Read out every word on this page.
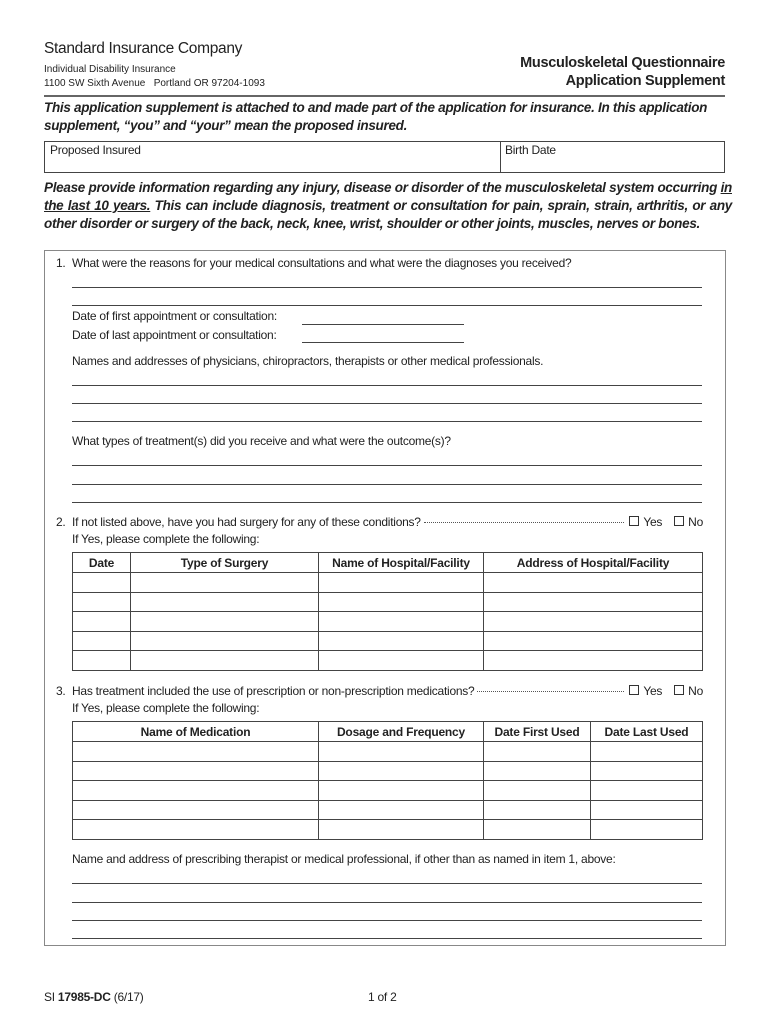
Standard Insurance Company
Individual Disability Insurance
1100 SW Sixth Avenue   Portland OR 97204-1093
Musculoskeletal Questionnaire
Application Supplement
This application supplement is attached to and made part of the application for insurance. In this application supplement, “you” and “your” mean the proposed insured.
Proposed Insured	Birth Date
Please provide information regarding any injury, disease or disorder of the musculoskeletal system occurring in the last 10 years. This can include diagnosis, treatment or consultation for pain, sprain, strain, arthritis, or any other disorder or surgery of the back, neck, knee, wrist, shoulder or other joints, muscles, nerves or bones.
1. What were the reasons for your medical consultations and what were the diagnoses you received?
Date of first appointment or consultation:
Date of last appointment or consultation:
Names and addresses of physicians, chiropractors, therapists or other medical professionals.
What types of treatment(s) did you receive and what were the outcome(s)?
2. If not listed above, have you had surgery for any of these conditions?	Yes No
If Yes, please complete the following:
Date	Type of Surgery	Name of Hospital/Facility	Address of Hospital/Facility

3. Has treatment included the use of prescription or non-prescription medications?	Yes No
If Yes, please complete the following:
Name of Medication	Dosage and Frequency	Date First Used	Date Last Used

Name and address of prescribing therapist or medical professional, if other than as named in item 1, above:
SI 17985-DC (6/17)	1 of 2
